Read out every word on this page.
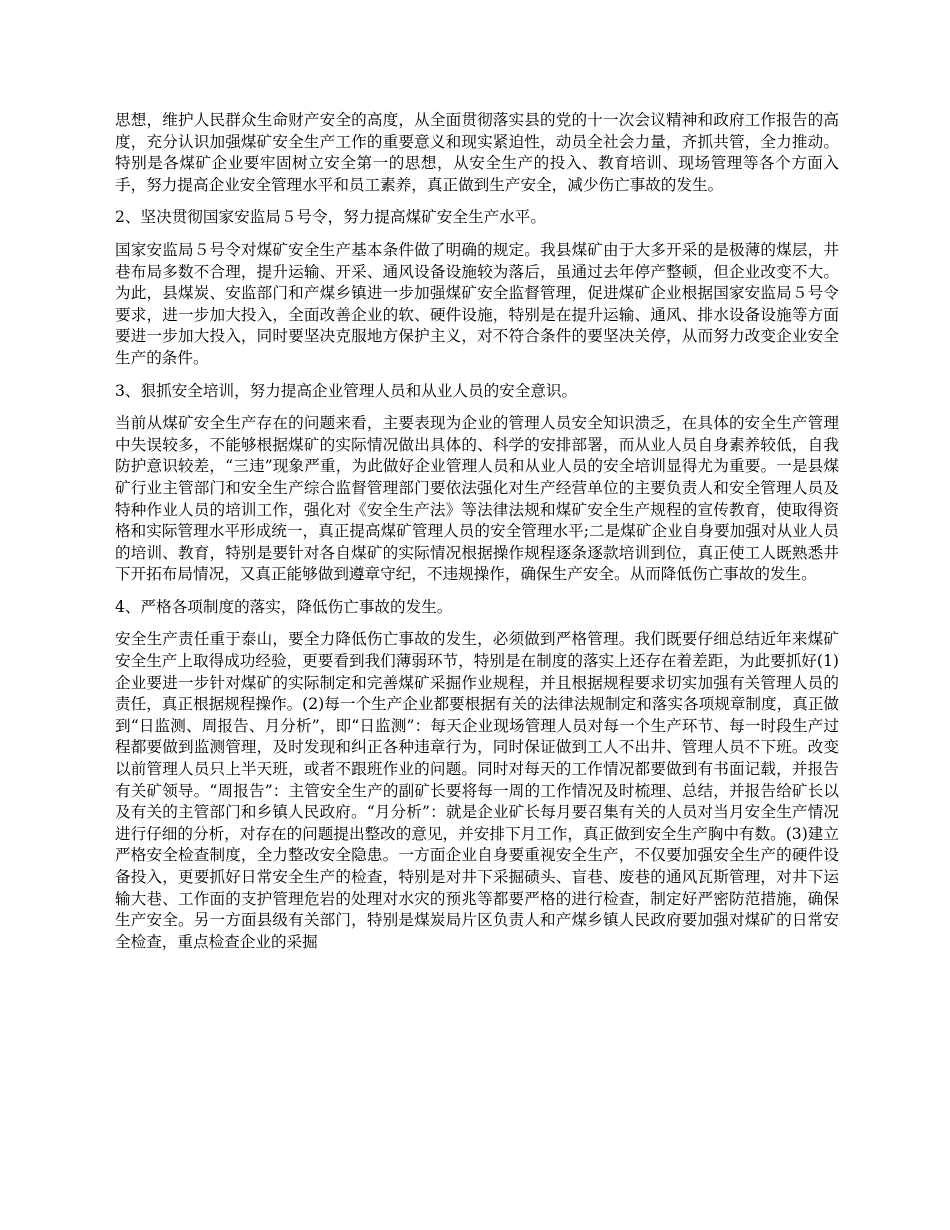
思想，维护人民群众生命财产安全的高度，从全面贯彻落实县的党的十一次会议精神和政府工作报告的高度，充分认识加强煤矿安全生产工作的重要意义和现实紧迫性，动员全社会力量，齐抓共管，全力推动。特别是各煤矿企业要牢固树立安全第一的思想，从安全生产的投入、教育培训、现场管理等各个方面入手，努力提高企业安全管理水平和员工素养，真正做到生产安全，减少伤亡事故的发生。

2、坚决贯彻国家安监局５号令，努力提高煤矿安全生产水平。

国家安监局５号令对煤矿安全生产基本条件做了明确的规定。我县煤矿由于大多开采的是极薄的煤层，井巷布局多数不合理，提升运输、开采、通风设备设施较为落后，虽通过去年停产整顿，但企业改变不大。为此，县煤炭、安监部门和产煤乡镇进一步加强煤矿安全监督管理，促进煤矿企业根据国家安监局５号令要求，进一步加大投入，全面改善企业的软、硬件设施，特别是在提升运输、通风、排水设备设施等方面要进一步加大投入，同时要坚决克服地方保护主义，对不符合条件的要坚决关停，从而努力改变企业安全生产的条件。

3、狠抓安全培训，努力提高企业管理人员和从业人员的安全意识。

当前从煤矿安全生产存在的问题来看，主要表现为企业的管理人员安全知识溃乏，在具体的安全生产管理中失误较多，不能够根据煤矿的实际情况做出具体的、科学的安排部署，而从业人员自身素养较低，自我防护意识较差，“三违”现象严重，为此做好企业管理人员和从业人员的安全培训显得尤为重要。一是县煤矿行业主管部门和安全生产综合监督管理部门要依法强化对生产经营单位的主要负责人和安全管理人员及特种作业人员的培训工作，强化对《安全生产法》等法律法规和煤矿安全生产规程的宣传教育，使取得资格和实际管理水平形成统一，真正提高煤矿管理人员的安全管理水平;二是煤矿企业自身要加强对从业人员的培训、教育，特别是要针对各自煤矿的实际情况根据操作规程逐条逐款培训到位，真正使工人既熟悉井下开拓布局情况，又真正能够做到遵章守纪，不违规操作，确保生产安全。从而降低伤亡事故的发生。

4、严格各项制度的落实，降低伤亡事故的发生。

安全生产责任重于泰山，要全力降低伤亡事故的发生，必须做到严格管理。我们既要仔细总结近年来煤矿安全生产上取得成功经验，更要看到我们薄弱环节，特别是在制度的落实上还存在着差距，为此要抓好(1)企业要进一步针对煤矿的实际制定和完善煤矿采掘作业规程，并且根据规程要求切实加强有关管理人员的责任，真正根据规程操作。(2)每一个生产企业都要根据有关的法律法规制定和落实各项规章制度，真正做到“日监测、周报告、月分析”，即“日监测”：每天企业现场管理人员对每一个生产环节、每一时段生产过程都要做到监测管理，及时发现和纠正各种违章行为，同时保证做到工人不出井、管理人员不下班。改变以前管理人员只上半天班，或者不跟班作业的问题。同时对每天的工作情况都要做到有书面记载，并报告有关矿领导。“周报告”：主管安全生产的副矿长要将每一周的工作情况及时梳理、总结，并报告给矿长以及有关的主管部门和乡镇人民政府。“月分析”：就是企业矿长每月要召集有关的人员对当月安全生产情况进行仔细的分析，对存在的问题提出整改的意见，并安排下月工作，真正做到安全生产胸中有数。(3)建立严格安全检查制度，全力整改安全隐患。一方面企业自身要重视安全生产，不仅要加强安全生产的硬件设备投入，更要抓好日常安全生产的检查，特别是对井下采掘碛头、盲巷、废巷的通风瓦斯管理，对井下运输大巷、工作面的支护管理危岩的处理对水灾的预兆等都要严格的进行检查，制定好严密防范措施，确保生产安全。另一方面县级有关部门，特别是煤炭局片区负责人和产煤乡镇人民政府要加强对煤矿的日常安全检查，重点检查企业的采掘
